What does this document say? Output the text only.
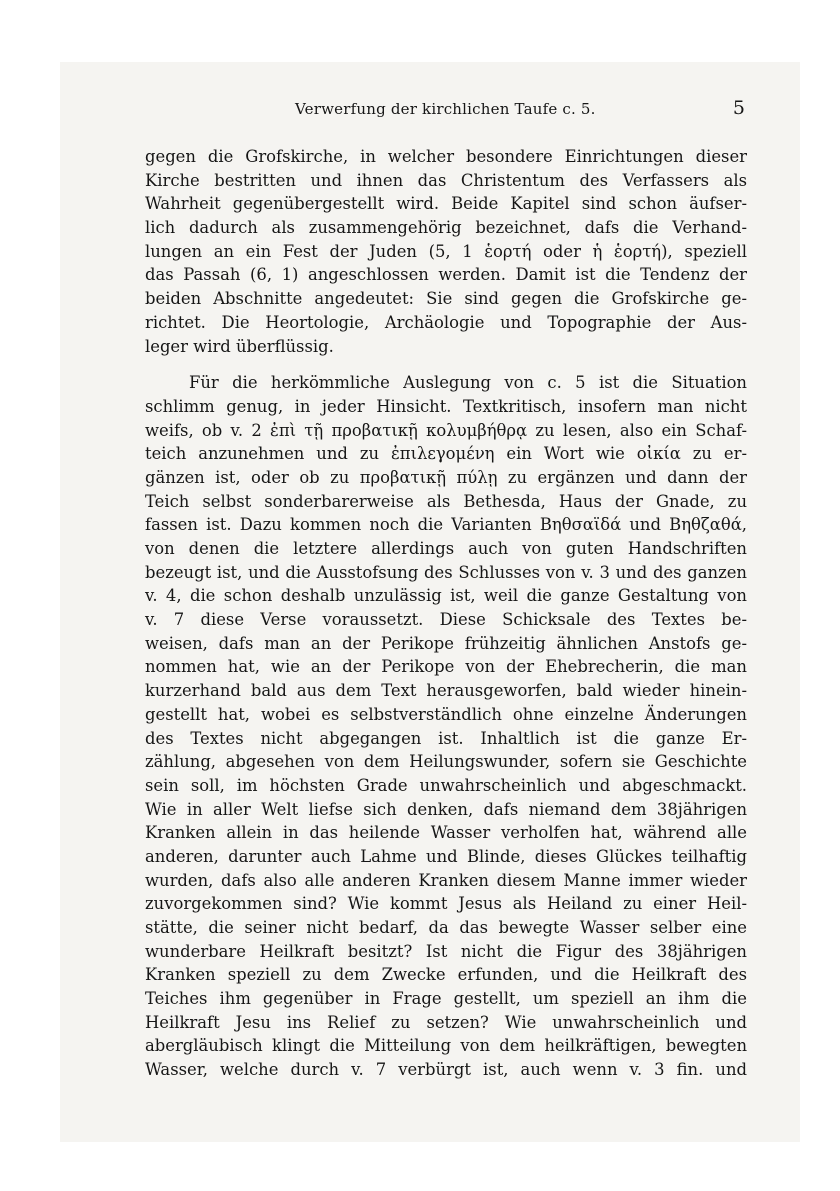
Verwerfung der kirchlichen Taufe c. 5.	5
gegen die Grofskirche, in welcher besondere Einrichtungen dieser
Kirche bestritten und ihnen das Christentum des Verfassers als
Wahrheit gegenübergestellt wird. Beide Kapitel sind schon äufser-
lich dadurch als zusammengehörig bezeichnet, dafs die Verhand-
lungen an ein Fest der Juden (5, 1 ἑορτή oder ἡ ἑορτή), speziell
das Passah (6, 1) angeschlossen werden. Damit ist die Tendenz der
beiden Abschnitte angedeutet: Sie sind gegen die Grofskirche ge-
richtet. Die Heortologie, Archäologie und Topographie der Aus-
leger wird überflüssig.
Für die herkömmliche Auslegung von c. 5 ist die Situation
schlimm genug, in jeder Hinsicht. Textkritisch, insofern man nicht
weifs, ob v. 2 ἐπὶ τῇ προβατικῇ κολυμβήθρᾳ zu lesen, also ein Schaf-
teich anzunehmen und zu ἐπιλεγομένη ein Wort wie οἰκία zu er-
gänzen ist, oder ob zu προβατικῇ πύλῃ zu ergänzen und dann der
Teich selbst sonderbarerweise als Bethesda, Haus der Gnade, zu
fassen ist. Dazu kommen noch die Varianten Βηθσαϊδά und Βηθζαθά,
von denen die letztere allerdings auch von guten Handschriften
bezeugt ist, und die Ausstofsung des Schlusses von v. 3 und des ganzen
v. 4, die schon deshalb unzulässig ist, weil die ganze Gestaltung von
v. 7 diese Verse voraussetzt. Diese Schicksale des Textes be-
weisen, dafs man an der Perikope frühzeitig ähnlichen Anstofs ge-
nommen hat, wie an der Perikope von der Ehebrecherin, die man
kurzerhand bald aus dem Text herausgeworfen, bald wieder hinein-
gestellt hat, wobei es selbstverständlich ohne einzelne Änderungen
des Textes nicht abgegangen ist. Inhaltlich ist die ganze Er-
zählung, abgesehen von dem Heilungswunder, sofern sie Geschichte
sein soll, im höchsten Grade unwahrscheinlich und abgeschmackt.
Wie in aller Welt liefse sich denken, dafs niemand dem 38jährigen
Kranken allein in das heilende Wasser verholfen hat, während alle
anderen, darunter auch Lahme und Blinde, dieses Glückes teilhaftig
wurden, dafs also alle anderen Kranken diesem Manne immer wieder
zuvorgekommen sind? Wie kommt Jesus als Heiland zu einer Heil-
stätte, die seiner nicht bedarf, da das bewegte Wasser selber eine
wunderbare Heilkraft besitzt? Ist nicht die Figur des 38jährigen
Kranken speziell zu dem Zwecke erfunden, und die Heilkraft des
Teiches ihm gegenüber in Frage gestellt, um speziell an ihm die
Heilkraft Jesu ins Relief zu setzen? Wie unwahrscheinlich und
abergläubisch klingt die Mitteilung von dem heilkräftigen, bewegten
Wasser, welche durch v. 7 verbürgt ist, auch wenn v. 3 fin. und
